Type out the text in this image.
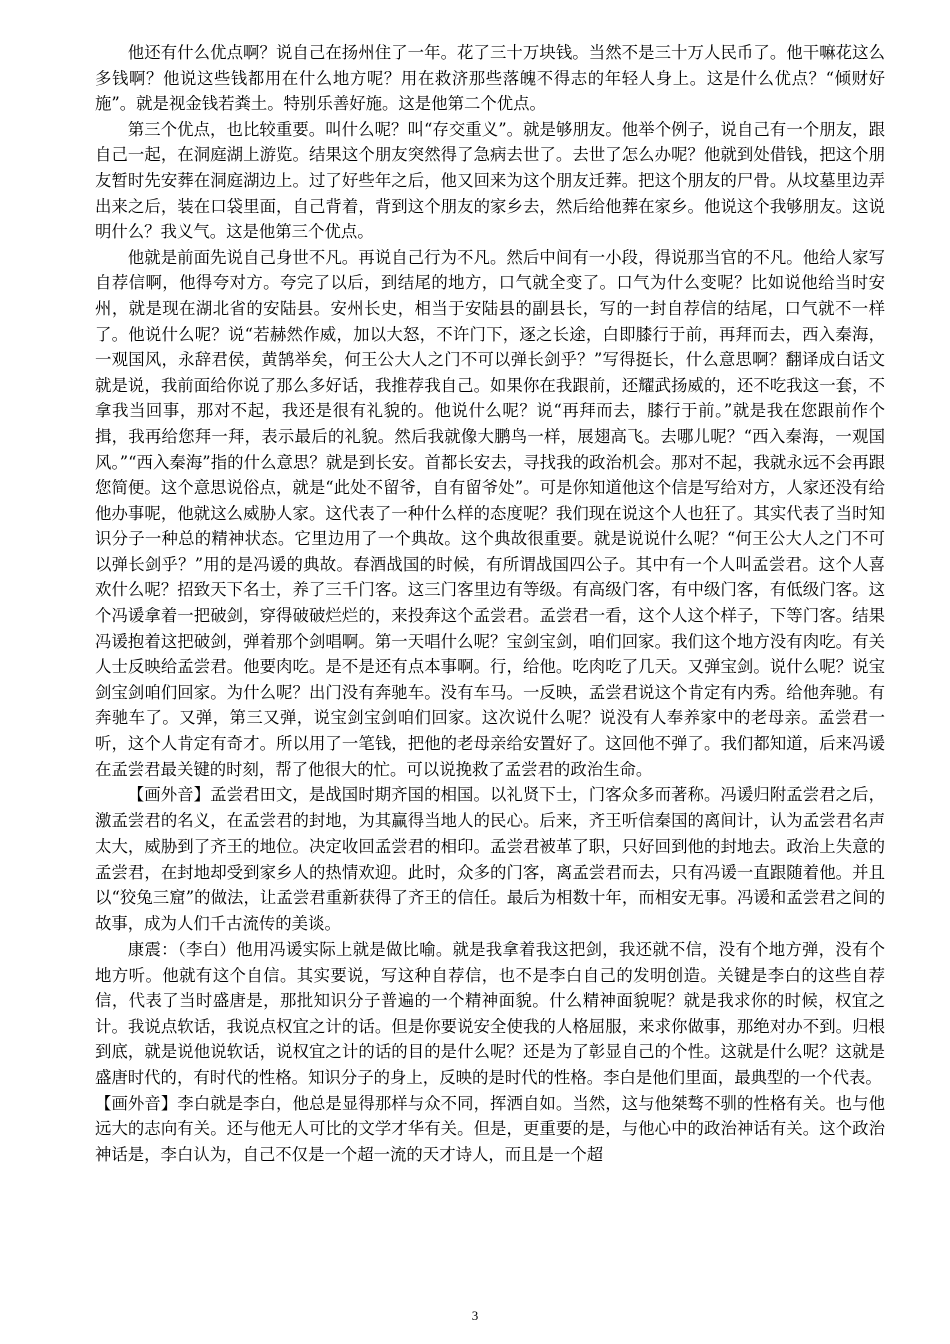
他还有什么优点啊？说自己在扬州住了一年。花了三十万块钱。当然不是三十万人民币了。他干嘛花这么多钱啊？他说这些钱都用在什么地方呢？用在救济那些落魄不得志的年轻人身上。这是什么优点？“倾财好施”。就是视金钱若粪土。特别乐善好施。这是他第二个优点。

第三个优点，也比较重要。叫什么呢？叫“存交重义”。就是够朋友。他举个例子，说自己有一个朋友，跟自己一起，在洞庭湖上游览。结果这个朋友突然得了急病去世了。去世了怎么办呢？他就到处借钱，把这个朋友暂时先安葬在洞庭湖边上。过了好些年之后，他又回来为这个朋友迁葬。把这个朋友的尸骨。从坟墓里边弄出来之后，装在口袋里面，自己背着，背到这个朋友的家乡去，然后给他葬在家乡。他说这个我够朋友。这说明什么？我义气。这是他第三个优点。

他就是前面先说自己身世不凡。再说自己行为不凡。然后中间有一小段，得说那当官的不凡。他给人家写自荐信啊，他得夸对方。夸完了以后，到结尾的地方，口气就全变了。口气为什么变呢？比如说他给当时安州，就是现在湖北省的安陆县。安州长史，相当于安陆县的副县长，写的一封自荐信的结尾，口气就不一样了。他说什么呢？说“若赫然作威，加以大怒，不许门下，逐之长途，白即膝行于前，再拜而去，西入秦海，一观国风，永辞君侯，黄鹄举矣，何王公大人之门不可以弹长剑乎？”写得挺长，什么意思啊？翻译成白话文就是说，我前面给你说了那么多好话，我推荐我自己。如果你在我跟前，还耀武扬威的，还不吃我这一套，不拿我当回事，那对不起，我还是很有礼貌的。他说什么呢？说“再拜而去，膝行于前。”就是我在您跟前作个揖，我再给您拜一拜，表示最后的礼貌。然后我就像大鹏鸟一样，展翅高飞。去哪儿呢？“西入秦海，一观国风。”“西入秦海”指的什么意思？就是到长安。首都长安去，寻找我的政治机会。那对不起，我就永远不会再跟您简便。这个意思说俗点，就是“此处不留爷，自有留爷处”。可是你知道他这个信是写给对方，人家还没有给他办事呢，他就这么威胁人家。这代表了一种什么样的态度呢？我们现在说这个人也狂了。其实代表了当时知识分子一种总的精神状态。它里边用了一个典故。这个典故很重要。就是说说什么呢？“何王公大人之门不可以弹长剑乎？”用的是冯谖的典故。春酒战国的时候，有所谓战国四公子。其中有一个人叫孟尝君。这个人喜欢什么呢？招致天下名士，养了三千门客。这三门客里边有等级。有高级门客，有中级门客，有低级门客。这个冯谖拿着一把破剑，穿得破破烂烂的，来投奔这个孟尝君。孟尝君一看，这个人这个样子，下等门客。结果冯谖抱着这把破剑，弹着那个剑唱啊。第一天唱什么呢？宝剑宝剑，咱们回家。我们这个地方没有肉吃。有关人士反映给孟尝君。他要肉吃。是不是还有点本事啊。行，给他。吃肉吃了几天。又弹宝剑。说什么呢？说宝剑宝剑咱们回家。为什么呢？出门没有奔驰车。没有车马。一反映，孟尝君说这个肯定有内秀。给他奔驰。有奔驰车了。又弹，第三又弹，说宝剑宝剑咱们回家。这次说什么呢？说没有人奉养家中的老母亲。孟尝君一听，这个人肯定有奇才。所以用了一笔钱，把他的老母亲给安置好了。这回他不弹了。我们都知道，后来冯谖在孟尝君最关键的时刻，帮了他很大的忙。可以说挽救了孟尝君的政治生命。

【画外音】孟尝君田文，是战国时期齐国的相国。以礼贤下士，门客众多而著称。冯谖归附孟尝君之后，激孟尝君的名义，在孟尝君的封地，为其赢得当地人的民心。后来，齐王听信秦国的离间计，认为孟尝君名声太大，威胁到了齐王的地位。决定收回孟尝君的相印。孟尝君被革了职，只好回到他的封地去。政治上失意的孟尝君，在封地却受到家乡人的热情欢迎。此时，众多的门客，离孟尝君而去，只有冯谖一直跟随着他。并且以“狡兔三窟”的做法，让孟尝君重新获得了齐王的信任。最后为相数十年，而相安无事。冯谖和孟尝君之间的故事，成为人们千古流传的美谈。

康震：（李白）他用冯谖实际上就是做比喻。就是我拿着我这把剑，我还就不信，没有个地方弹，没有个地方听。他就有这个自信。其实要说，写这种自荐信，也不是李白自己的发明创造。关键是李白的这些自荐信，代表了当时盛唐是，那批知识分子普遍的一个精神面貌。什么精神面貌呢？就是我求你的时候，权宜之计。我说点软话，我说点权宜之计的话。但是你要说安全使我的人格屈服，来求你做事，那绝对办不到。归根到底，就是说他说软话，说权宜之计的话的目的是什么呢？还是为了彰显自己的个性。这就是什么呢？这就是盛唐时代的，有时代的性格。知识分子的身上，反映的是时代的性格。李白是他们里面，最典型的一个代表。

【画外音】李白就是李白，他总是显得那样与众不同，挥洒自如。当然，这与他桀骜不驯的性格有关。也与他远大的志向有关。还与他无人可比的文学才华有关。但是，更重要的是，与他心中的政治神话有关。这个政治神话是，李白认为，自己不仅是一个超一流的天才诗人，而且是一个超

3
